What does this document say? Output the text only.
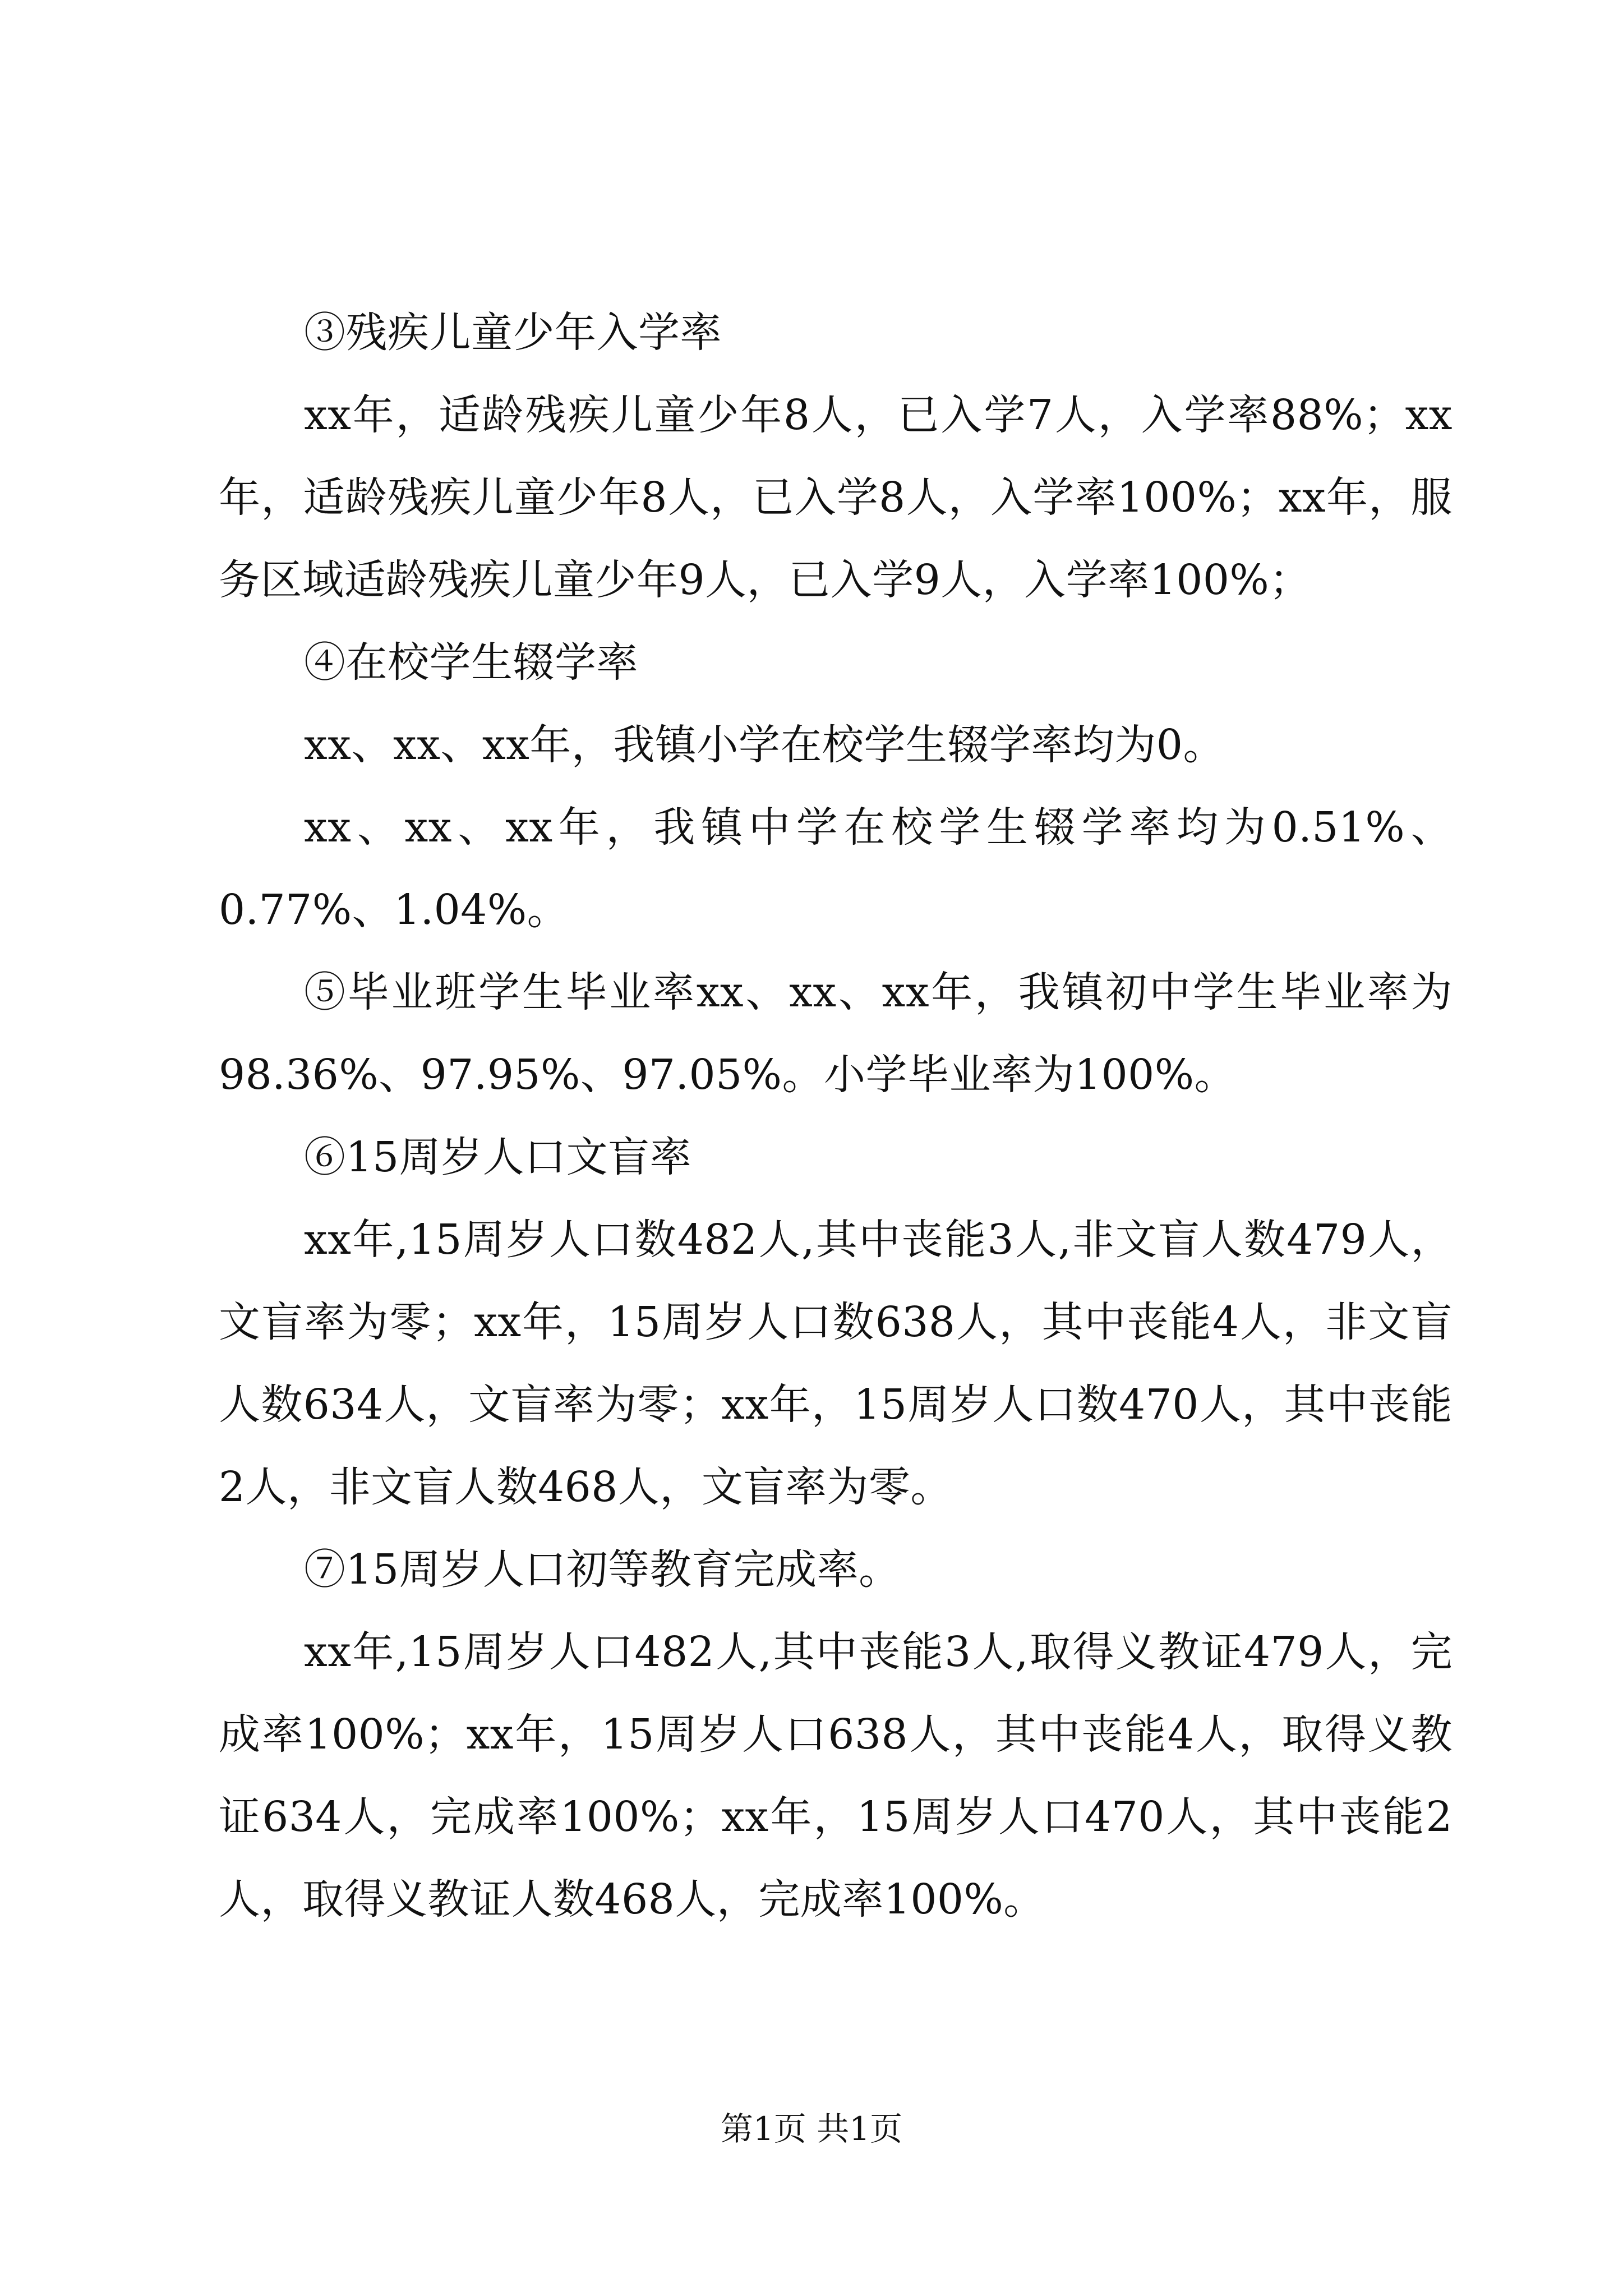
③残疾儿童少年入学率

xx年，适龄残疾儿童少年8人，已入学7人，入学率88%；xx年，适龄残疾儿童少年8人，已入学8人，入学率100%；xx年，服务区域适龄残疾儿童少年9人，已入学9人，入学率100%；

④在校学生辍学率

xx、xx、xx年，我镇小学在校学生辍学率均为0。

xx、xx、xx年，我镇中学在校学生辍学率均为0.51%、0.77%、1.04%。

⑤毕业班学生毕业率xx、xx、xx年，我镇初中学生毕业率为98.36%、97.95%、97.05%。小学毕业率为100%。

⑥15周岁人口文盲率

xx年,15周岁人口数482人,其中丧能3人,非文盲人数479人，文盲率为零；xx年，15周岁人口数638人，其中丧能4人，非文盲人数634人，文盲率为零；xx年，15周岁人口数470人，其中丧能2人，非文盲人数468人，文盲率为零。

⑦15周岁人口初等教育完成率。

xx年,15周岁人口482人,其中丧能3人,取得义教证479人，完成率100%；xx年，15周岁人口638人，其中丧能4人，取得义教证634人，完成率100%；xx年，15周岁人口470人，其中丧能2人，取得义教证人数468人，完成率100%。

第1页 共1页
